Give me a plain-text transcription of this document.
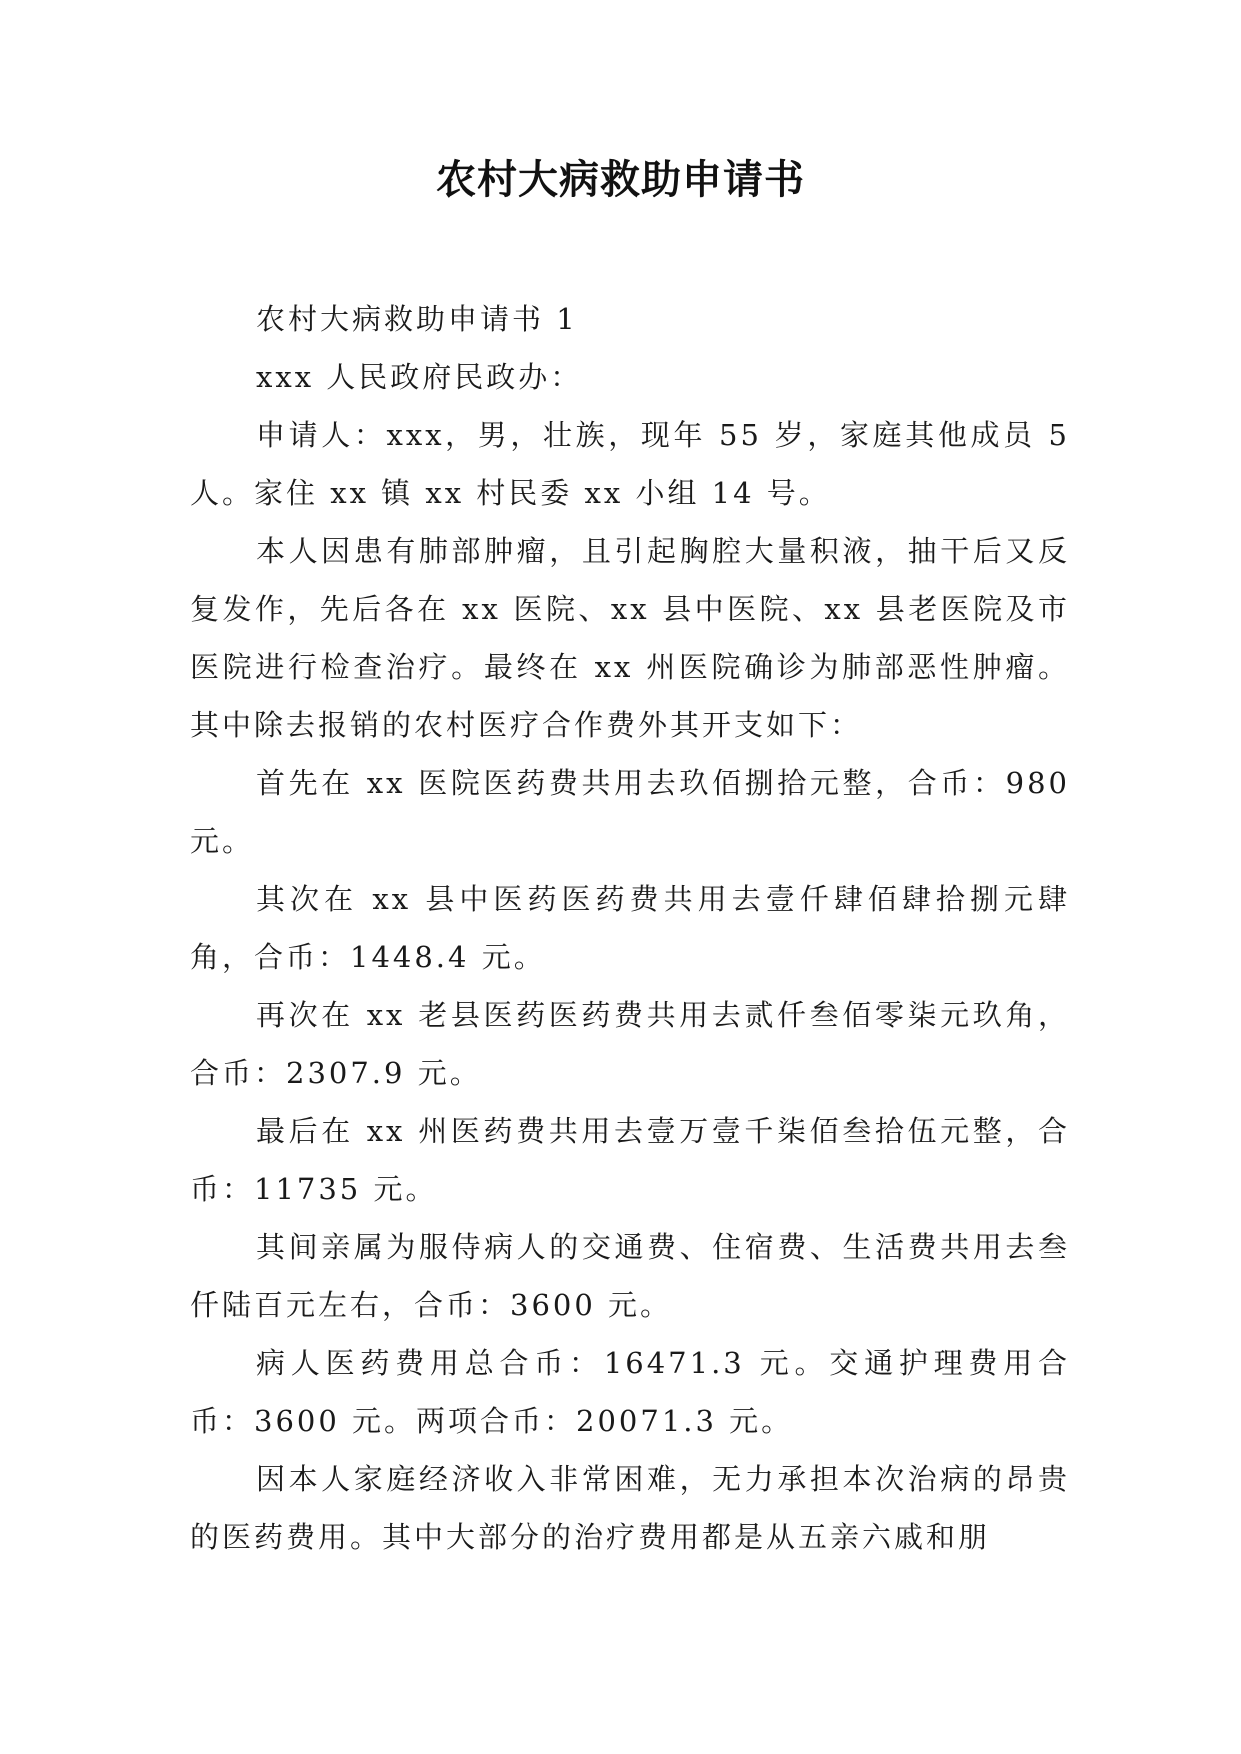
农村大病救助申请书

农村大病救助申请书 1

xxx 人民政府民政办：

申请人：xxx，男，壮族，现年 55 岁，家庭其他成员 5 人。家住 xx 镇 xx 村民委 xx 小组 14 号。

本人因患有肺部肿瘤，且引起胸腔大量积液，抽干后又反复发作，先后各在 xx 医院、xx 县中医院、xx 县老医院及市医院进行检查治疗。最终在 xx 州医院确诊为肺部恶性肿瘤。其中除去报销的农村医疗合作费外其开支如下：

首先在 xx 医院医药费共用去玖佰捌拾元整，合币：980 元。

其次在 xx 县中医药医药费共用去壹仟肆佰肆拾捌元肆角，合币：1448.4 元。

再次在 xx 老县医药医药费共用去贰仟叁佰零柒元玖角，合币：2307.9 元。

最后在 xx 州医药费共用去壹万壹千柒佰叁拾伍元整，合币：11735 元。

其间亲属为服侍病人的交通费、住宿费、生活费共用去叁仟陆百元左右，合币：3600 元。

病人医药费用总合币：16471.3 元。交通护理费用合币：3600 元。两项合币：20071.3 元。

因本人家庭经济收入非常困难，无力承担本次治病的昂贵的医药费用。其中大部分的治疗费用都是从五亲六戚和朋
